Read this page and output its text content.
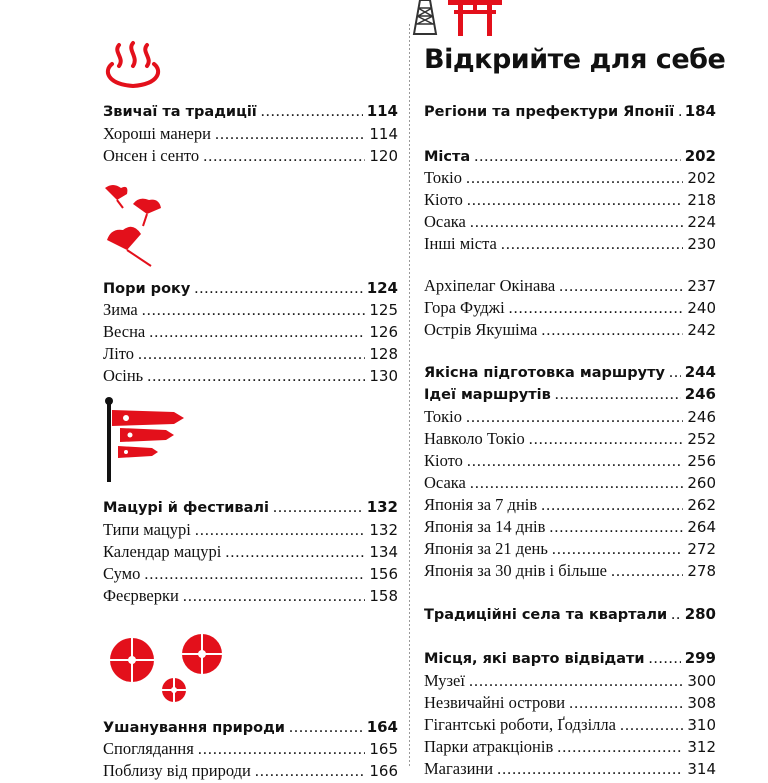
Відкрийте для себе
Звичаї та традиції .....	114
Хороші манери .....	114
Онсен і сенто .....	120
Пори року .....	124
Зима .....	125
Весна .....	126
Літо .....	128
Осінь .....	130
Мацурі й фестивалі .....	132
Типи мацурі .....	132
Календар мацурі .....	134
Сумо .....	156
Феєрверки .....	158
Ушанування природи .....	164
Споглядання .....	165
Поблизу від природи .....	166
Регіони та префектури Японії ..... 184
Міста .....	202
Токіо .....	202
Кіото .....	218
Осака .....	224
Інші міста .....	230
Архіпелаг Окінава .....	237
Гора Фуджі .....	240
Острів Якушіма .....	242
Якісна підготовка маршруту ..... 244
Ідеї маршрутів .....	246
Токіо .....	246
Навколо Токіо .....	252
Кіото .....	256
Осака .....	260
Японія за 7 днів .....	262
Японія за 14 днів .....	264
Японія за 21 день .....	272
Японія за 30 днів і більше .....	278
Традиційні села та квартали ..... 280
Місця, які варто відвідати .....	299
Музеї .....	300
Незвичайні острови .....	308
Гігантські роботи, Ґодзілла .....	310
Парки атракціонів .....	312
Магазини .....	314
